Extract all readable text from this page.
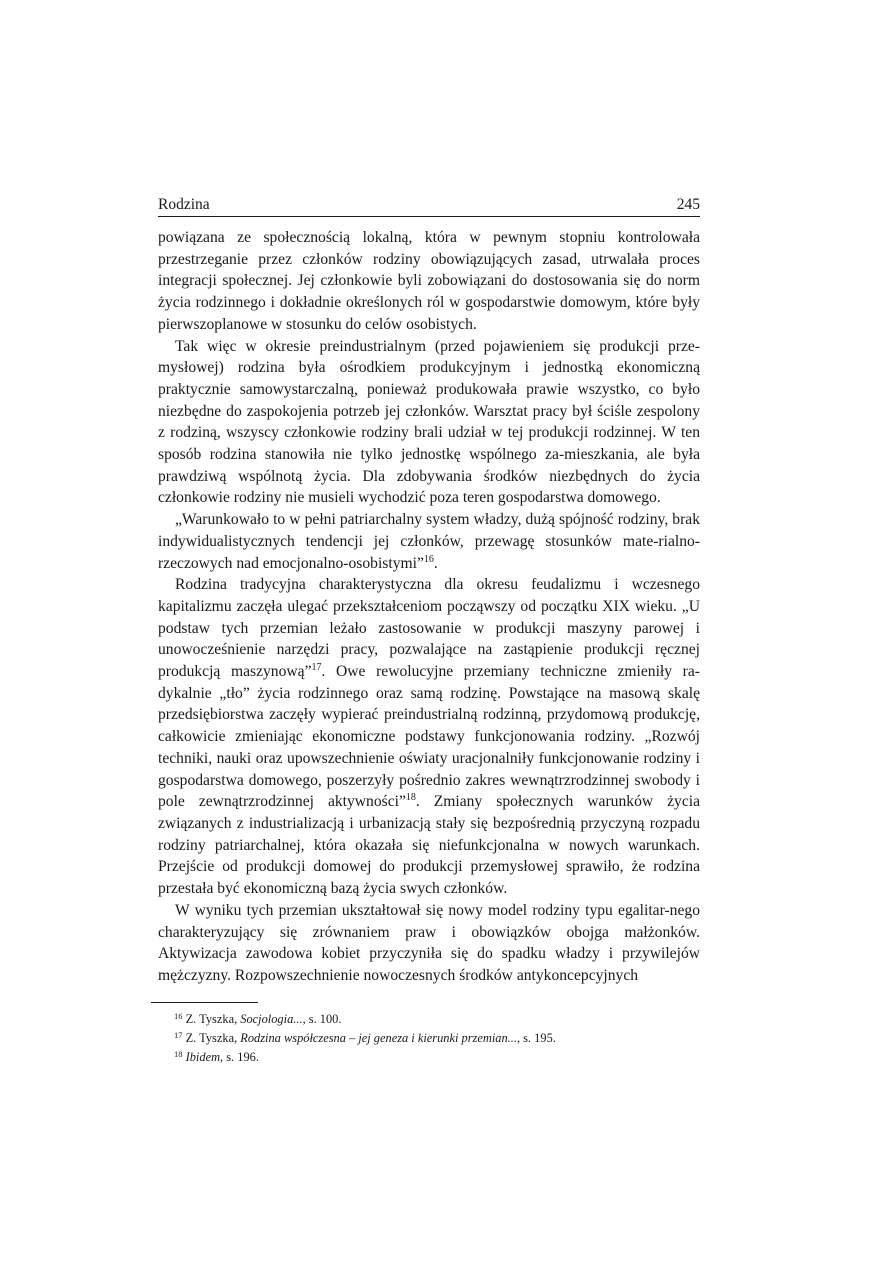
Rodzina	245

powiązana ze społecznością lokalną, która w pewnym stopniu kontrolowała przestrzeganie przez członków rodziny obowiązujących zasad, utrwalała proces integracji społecznej. Jej członkowie byli zobowiązani do dostosowania się do norm życia rodzinnego i dokładnie określonych ról w gospodarstwie domowym, które były pierwszoplanowe w stosunku do celów osobistych.

Tak więc w okresie preindustrialnym (przed pojawieniem się produkcji prze-mysłowej) rodzina była ośrodkiem produkcyjnym i jednostką ekonomiczną praktycznie samowystarczalną, ponieważ produkowała prawie wszystko, co było niezbędne do zaspokojenia potrzeb jej członków. Warsztat pracy był ściśle zespolony z rodziną, wszyscy członkowie rodziny brali udział w tej produkcji rodzinnej. W ten sposób rodzina stanowiła nie tylko jednostkę wspólnego za-mieszkania, ale była prawdziwą wspólnotą życia. Dla zdobywania środków niezbędnych do życia członkowie rodziny nie musieli wychodzić poza teren gospodarstwa domowego.

„Warunkowało to w pełni patriarchalny system władzy, dużą spójność rodziny, brak indywidualistycznych tendencji jej członków, przewagę stosunków mate-rialno-rzeczowych nad emocjonalno-osobistymi”$^{16}$.

Rodzina tradycyjna charakterystyczna dla okresu feudalizmu i wczesnego kapitalizmu zaczęła ulegać przekształceniom począwszy od początku XIX wieku. „U podstaw tych przemian leżało zastosowanie w produkcji maszyny parowej i unowocześnienie narzędzi pracy, pozwalające na zastąpienie produkcji ręcznej produkcją maszynową”$^{17}$. Owe rewolucyjne przemiany techniczne zmieniły ra-dykalnie „tło” życia rodzinnego oraz samą rodzinę. Powstające na masową skalę przedsiębiorstwa zaczęły wypierać preindustrialną rodzinną, przydomową produkcję, całkowicie zmieniając ekonomiczne podstawy funkcjonowania rodziny. „Rozwój techniki, nauki oraz upowszechnienie oświaty uracjonalniły funkcjonowanie rodziny i gospodarstwa domowego, poszerzyły pośrednio zakres wewnątrzrodzinnej swobody i pole zewnątrzrodzinnej aktywności”$^{18}$. Zmiany społecznych warunków życia związanych z industrializacją i urbanizacją stały się bezpośrednią przyczyną rozpadu rodziny patriarchalnej, która okazała się niefunkcjonalna w nowych warunkach. Przejście od produkcji domowej do produkcji przemysłowej sprawiło, że rodzina przestała być ekonomiczną bazą życia swych członków.

W wyniku tych przemian ukształtował się nowy model rodziny typu egalitar-nego charakteryzujący się zrównaniem praw i obowiązków obojga małżonków. Aktywizacja zawodowa kobiet przyczyniła się do spadku władzy i przywilejów mężczyzny. Rozpowszechnienie nowoczesnych środków antykoncepcyjnych

$^{16}$ Z. Tyszka, Socjologia..., s. 100.

$^{17}$ Z. Tyszka, Rodzina współczesna – jej geneza i kierunki przemian..., s. 195.

$^{18}$ Ibidem, s. 196.
